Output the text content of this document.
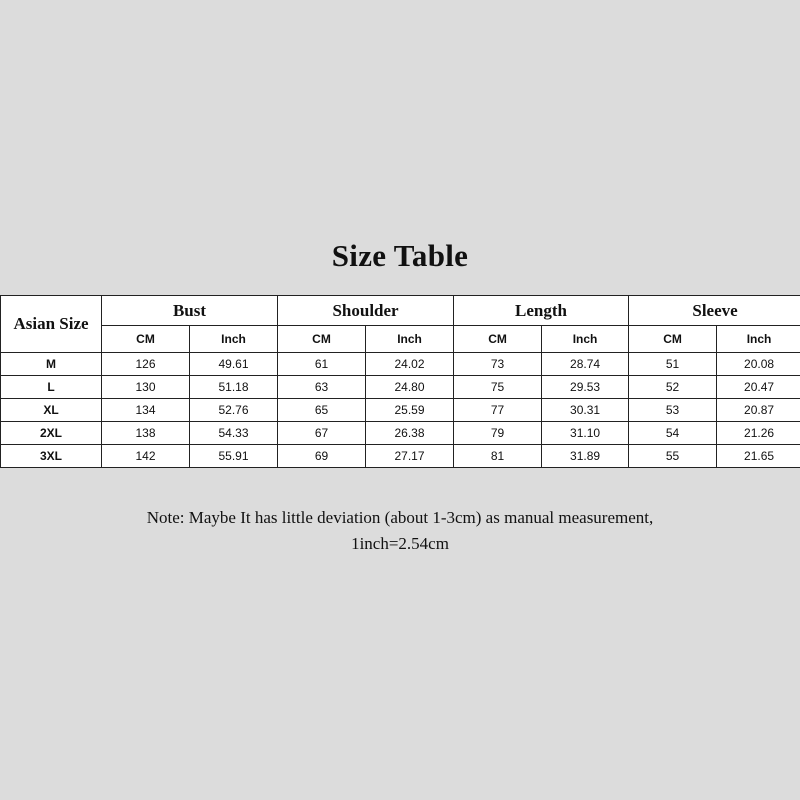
Size Table
Asian Size	Bust		Shoulder		Length		Sleeve	
	CM	Inch	CM	Inch	CM	Inch	CM	Inch
M	126	49.61	61	24.02	73	28.74	51	20.08
L	130	51.18	63	24.80	75	29.53	52	20.47
XL	134	52.76	65	25.59	77	30.31	53	20.87
2XL	138	54.33	67	26.38	79	31.10	54	21.26
3XL	142	55.91	69	27.17	81	31.89	55	21.65
Note: Maybe It has little deviation (about 1-3cm) as manual measurement,
1inch=2.54cm
